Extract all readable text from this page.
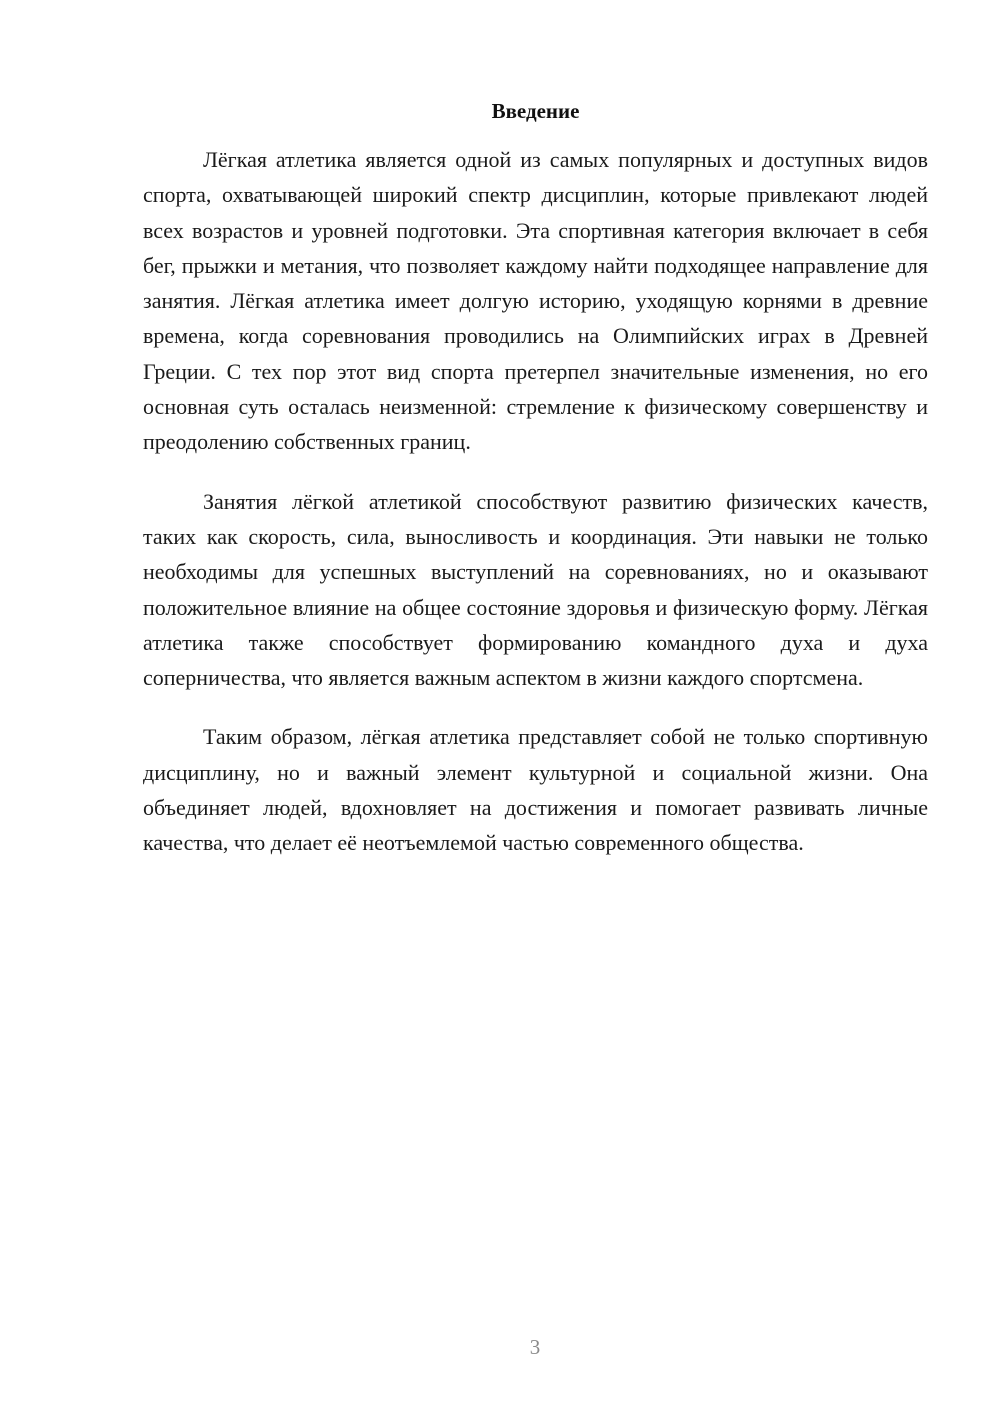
Введение

Лёгкая атлетика является одной из самых популярных и доступных видов спорта, охватывающей широкий спектр дисциплин, которые привлекают людей всех возрастов и уровней подготовки. Эта спортивная категория включает в себя бег, прыжки и метания, что позволяет каждому найти подходящее направление для занятия. Лёгкая атлетика имеет долгую историю, уходящую корнями в древние времена, когда соревнования проводились на Олимпийских играх в Древней Греции. С тех пор этот вид спорта претерпел значительные изменения, но его основная суть осталась неизменной: стремление к физическому совершенству и преодолению собственных границ.

Занятия лёгкой атлетикой способствуют развитию физических качеств, таких как скорость, сила, выносливость и координация. Эти навыки не только необходимы для успешных выступлений на соревнованиях, но и оказывают положительное влияние на общее состояние здоровья и физическую форму. Лёгкая атлетика также способствует формированию командного духа и духа соперничества, что является важным аспектом в жизни каждого спортсмена.

Таким образом, лёгкая атлетика представляет собой не только спортивную дисциплину, но и важный элемент культурной и социальной жизни. Она объединяет людей, вдохновляет на достижения и помогает развивать личные качества, что делает её неотъемлемой частью современного общества.

3
